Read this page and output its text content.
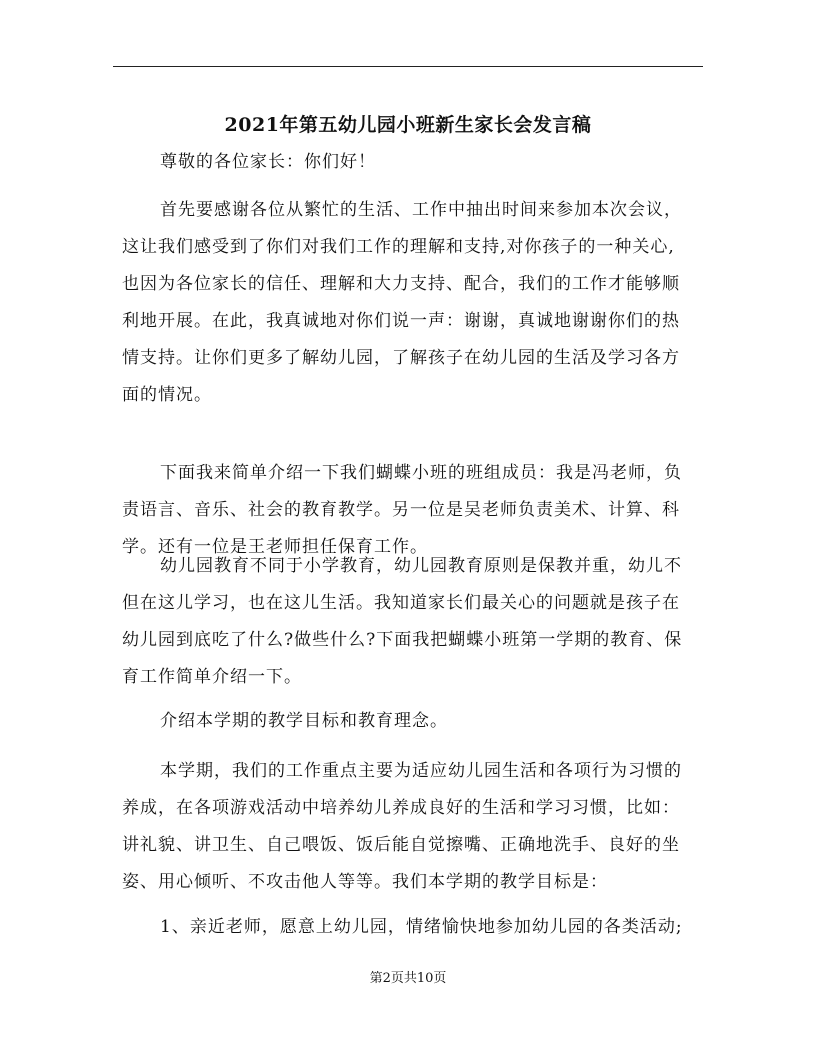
2021年第五幼儿园小班新生家长会发言稿

尊敬的各位家长：你们好！

首先要感谢各位从繁忙的生活、工作中抽出时间来参加本次会议，
这让我们感受到了你们对我们工作的理解和支持,对你孩子的一种关心,
也因为各位家长的信任、理解和大力支持、配合，我们的工作才能够顺
利地开展。在此，我真诚地对你们说一声：谢谢，真诚地谢谢你们的热
情支持。让你们更多了解幼儿园，了解孩子在幼儿园的生活及学习各方
面的情况。

下面我来简单介绍一下我们蝴蝶小班的班组成员：我是冯老师，负
责语言、音乐、社会的教育教学。另一位是吴老师负责美术、计算、科
学。还有一位是王老师担任保育工作。

幼儿园教育不同于小学教育，幼儿园教育原则是保教并重，幼儿不
但在这儿学习，也在这儿生活。我知道家长们最关心的问题就是孩子在
幼儿园到底吃了什么?做些什么?下面我把蝴蝶小班第一学期的教育、保
育工作简单介绍一下。

介绍本学期的教学目标和教育理念。

本学期，我们的工作重点主要为适应幼儿园生活和各项行为习惯的
养成，在各项游戏活动中培养幼儿养成良好的生活和学习习惯，比如：
讲礼貌、讲卫生、自己喂饭、饭后能自觉擦嘴、正确地洗手、良好的坐
姿、用心倾听、不攻击他人等等。我们本学期的教学目标是：

1、亲近老师，愿意上幼儿园，情绪愉快地参加幼儿园的各类活动;

第2页共10页
